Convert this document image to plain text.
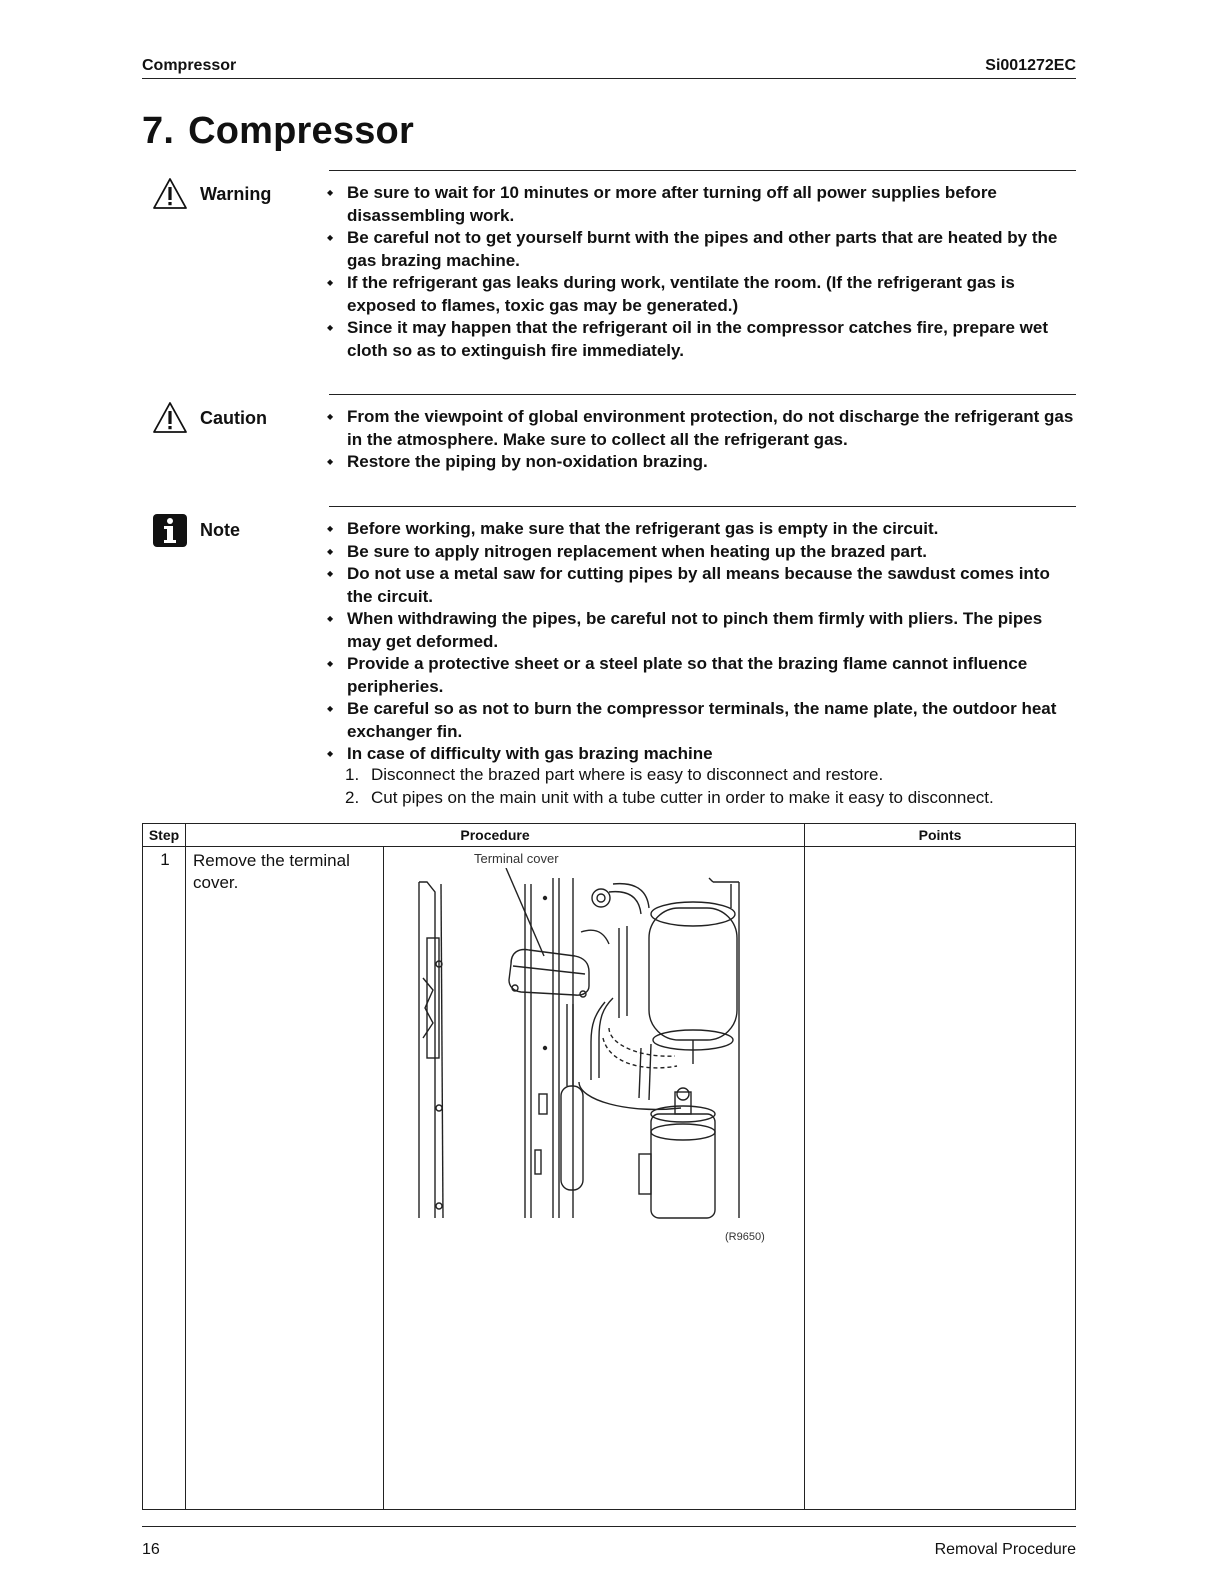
Compressor	Si001272EC
7. Compressor
Warning	◆ Be sure to wait for 10 minutes or more after turning off all power supplies before disassembling work.
◆ Be careful not to get yourself burnt with the pipes and other parts that are heated by the gas brazing machine.
◆ If the refrigerant gas leaks during work, ventilate the room. (If the refrigerant gas is exposed to flames, toxic gas may be generated.)
◆ Since it may happen that the refrigerant oil in the compressor catches fire, prepare wet cloth so as to extinguish fire immediately.
Caution	◆ From the viewpoint of global environment protection, do not discharge the refrigerant gas in the atmosphere. Make sure to collect all the refrigerant gas.
◆ Restore the piping by non-oxidation brazing.
Note	◆ Before working, make sure that the refrigerant gas is empty in the circuit.
◆ Be sure to apply nitrogen replacement when heating up the brazed part.
◆ Do not use a metal saw for cutting pipes by all means because the sawdust comes into the circuit.
◆ When withdrawing the pipes, be careful not to pinch them firmly with pliers. The pipes may get deformed.
◆ Provide a protective sheet or a steel plate so that the brazing flame cannot influence peripheries.
◆ Be careful so as not to burn the compressor terminals, the name plate, the outdoor heat exchanger fin.
◆ In case of difficulty with gas brazing machine
1. Disconnect the brazed part where is easy to disconnect and restore.
2. Cut pipes on the main unit with a tube cutter in order to make it easy to disconnect.
Step	Procedure	Points
1	Remove the terminal cover.
Terminal cover
(R9650)
16	Removal Procedure
